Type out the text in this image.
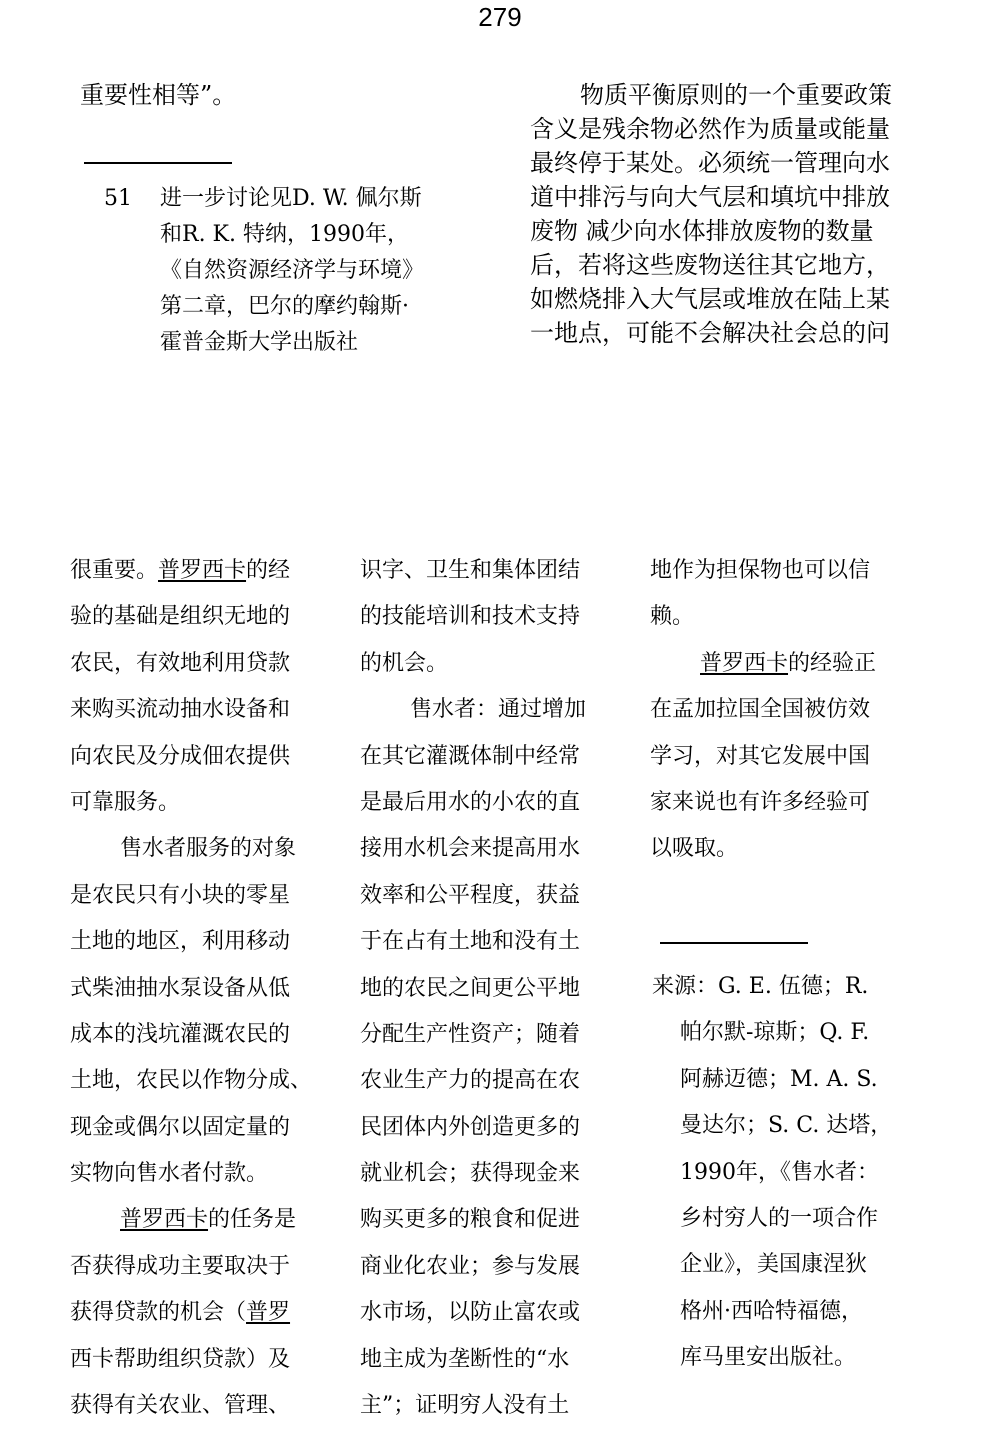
279
重要性相等”。
51 进一步讨论见D. W. 佩尔斯
和R. K. 特纳，1990年，
《自然资源经济学与环境》
第二章，巴尔的摩约翰斯·
霍普金斯大学出版社
物质平衡原则的一个重要政策
含义是残余物必然作为质量或能量
最终停于某处。必须统一管理向水
道中排污与向大气层和填坑中排放
废物 减少向水体排放废物的数量
后，若将这些废物送往其它地方，
如燃烧排入大气层或堆放在陆上某
一地点，可能不会解决社会总的问
很重要。普罗西卡的经
验的基础是组织无地的
农民，有效地利用贷款
来购买流动抽水设备和
向农民及分成佃农提供
可靠服务。
售水者服务的对象
是农民只有小块的零星
土地的地区，利用移动
式柴油抽水泵设备从低
成本的浅坑灌溉农民的
土地，农民以作物分成、
现金或偶尔以固定量的
实物向售水者付款。
普罗西卡的任务是
否获得成功主要取决于
获得贷款的机会（普罗
西卡帮助组织贷款）及
获得有关农业、管理、
识字、卫生和集体团结
的技能培训和技术支持
的机会。
售水者：通过增加
在其它灌溉体制中经常
是最后用水的小农的直
接用水机会来提高用水
效率和公平程度，获益
于在占有土地和没有土
地的农民之间更公平地
分配生产性资产；随着
农业生产力的提高在农
民团体内外创造更多的
就业机会；获得现金来
购买更多的粮食和促进
商业化农业；参与发展
水市场，以防止富农或
地主成为垄断性的“水
主”；证明穷人没有土
地作为担保物也可以信
赖。
普罗西卡的经验正
在孟加拉国全国被仿效
学习，对其它发展中国
家来说也有许多经验可
以吸取。
来源：G. E. 伍德；R.
帕尔默-琼斯；Q. F.
阿赫迈德；M. A. S.
曼达尔；S. C. 达塔，
1990年，《售水者：
乡村穷人的一项合作
企业》，美国康涅狄
格州·西哈特福德，
库马里安出版社。
